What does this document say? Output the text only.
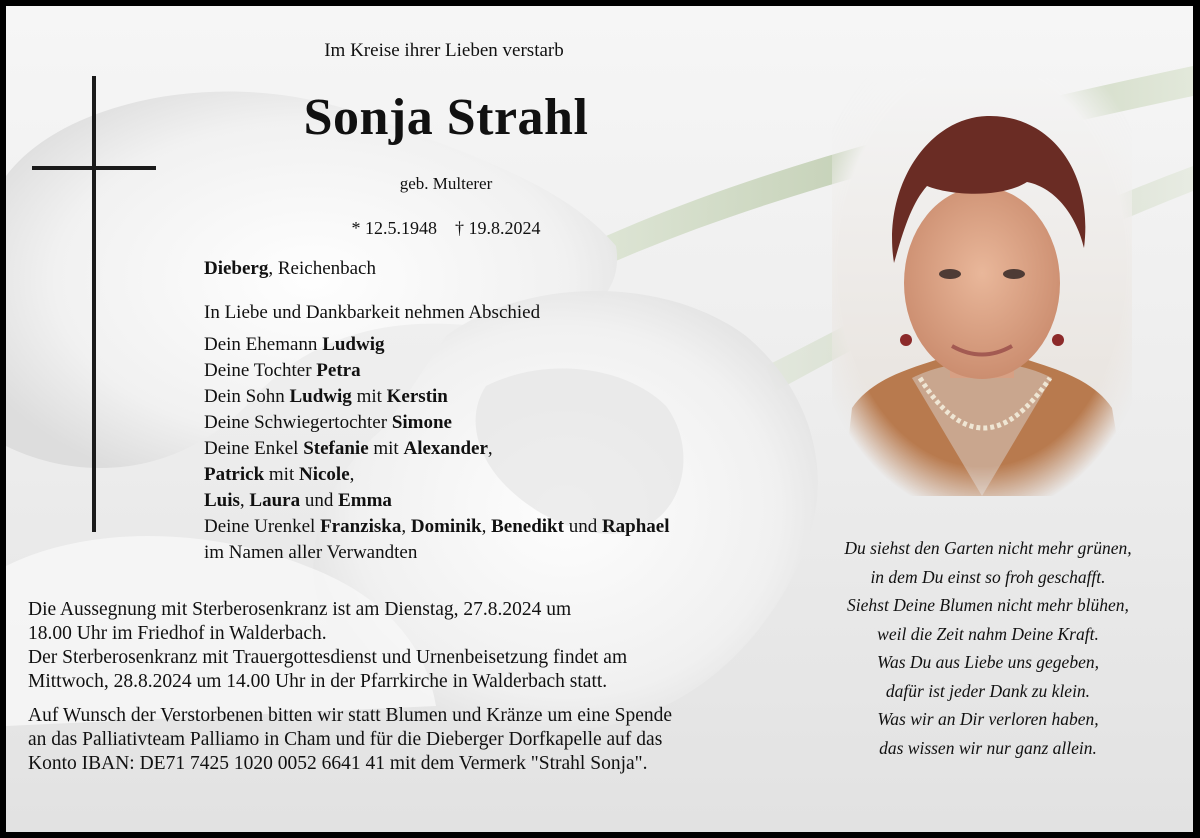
Im Kreise ihrer Lieben verstarb
Sonja Strahl
geb. Multerer
* 12.5.1948 † 19.8.2024
Dieberg, Reichenbach
In Liebe und Dankbarkeit nehmen Abschied
Dein Ehemann Ludwig
Deine Tochter Petra
Dein Sohn Ludwig mit Kerstin
Deine Schwiegertochter Simone
Deine Enkel Stefanie mit Alexander,
Patrick mit Nicole,
Luis, Laura und Emma
Deine Urenkel Franziska, Dominik, Benedikt und Raphael
im Namen aller Verwandten
Die Aussegnung mit Sterberosenkranz ist am Dienstag, 27.8.2024 um
18.00 Uhr im Friedhof in Walderbach.
Der Sterberosenkranz mit Trauergottesdienst und Urnenbeisetzung findet am
Mittwoch, 28.8.2024 um 14.00 Uhr in der Pfarrkirche in Walderbach statt.
Auf Wunsch der Verstorbenen bitten wir statt Blumen und Kränze um eine Spende
an das Palliativteam Palliamo in Cham und für die Dieberger Dorfkapelle auf das
Konto IBAN: DE71 7425 1020 0052 6641 41 mit dem Vermerk "Strahl Sonja".
Du siehst den Garten nicht mehr grünen,
in dem Du einst so froh geschafft.
Siehst Deine Blumen nicht mehr blühen,
weil die Zeit nahm Deine Kraft.
Was Du aus Liebe uns gegeben,
dafür ist jeder Dank zu klein.
Was wir an Dir verloren haben,
das wissen wir nur ganz allein.
